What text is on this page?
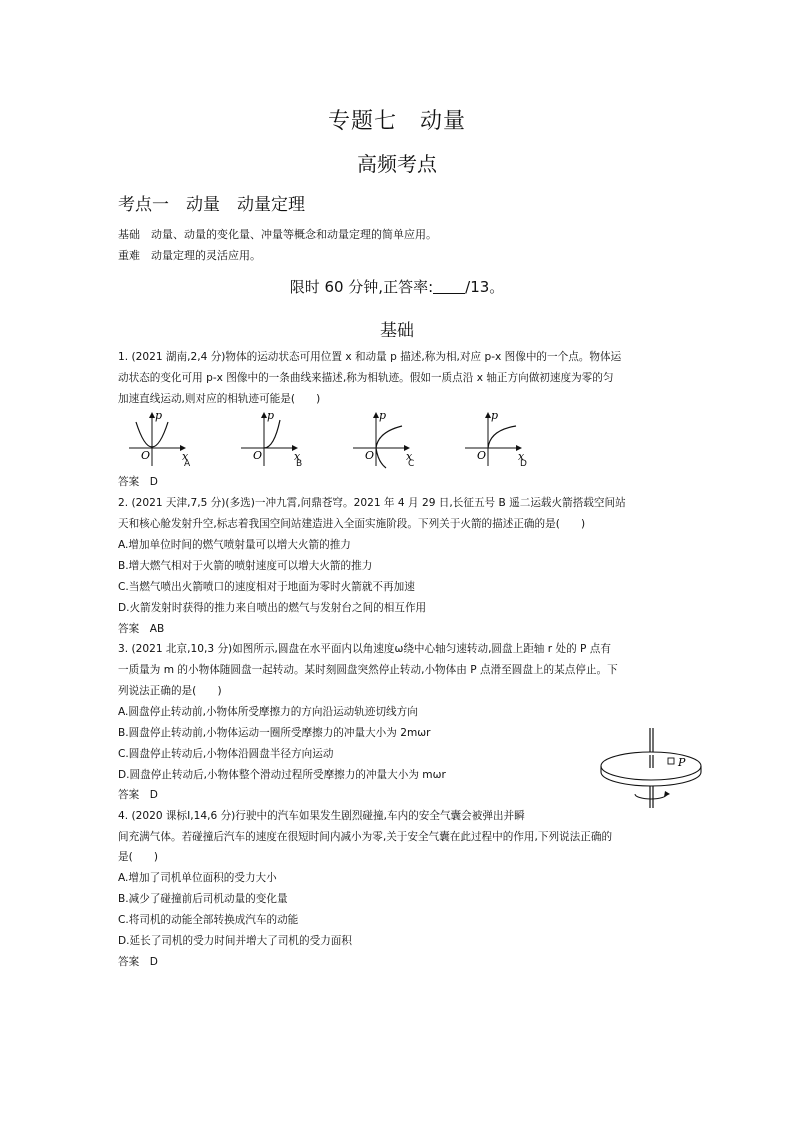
专题七　动量
高频考点
考点一　动量　动量定理
基础　动量、动量的变化量、冲量等概念和动量定理的简单应用。
重难　动量定理的灵活应用。
限时 60 分钟,正答率: /13。
基础
1. (2021 湖南,2,4 分)物体的运动状态可用位置 x 和动量 p 描述,称为相,对应 p-x 图像中的一个点。物体运
动状态的变化可用 p-x 图像中的一条曲线来描述,称为相轨迹。假如一质点沿 x 轴正方向做初速度为零的匀
加速直线运动,则对应的相轨迹可能是(　　)
p
x
O
A
p
x
O
B
p
x
O
C
p
x
O
D
答案　D
2. (2021 天津,7,5 分)(多选)一冲九霄,问鼎苍穹。2021 年 4 月 29 日,长征五号 B 遥二运载火箭搭载空间站
天和核心舱发射升空,标志着我国空间站建造进入全面实施阶段。下列关于火箭的描述正确的是(　　)
A.增加单位时间的燃气喷射量可以增大火箭的推力
B.增大燃气相对于火箭的喷射速度可以增大火箭的推力
C.当燃气喷出火箭喷口的速度相对于地面为零时火箭就不再加速
D.火箭发射时获得的推力来自喷出的燃气与发射台之间的相互作用
答案　AB
3. (2021 北京,10,3 分)如图所示,圆盘在水平面内以角速度ω绕中心轴匀速转动,圆盘上距轴 r 处的 P 点有
一质量为 m 的小物体随圆盘一起转动。某时刻圆盘突然停止转动,小物体由 P 点滑至圆盘上的某点停止。下
列说法正确的是(　　)
A.圆盘停止转动前,小物体所受摩擦力的方向沿运动轨迹切线方向
B.圆盘停止转动前,小物体运动一圈所受摩擦力的冲量大小为 2mωr
C.圆盘停止转动后,小物体沿圆盘半径方向运动
D.圆盘停止转动后,小物体整个滑动过程所受摩擦力的冲量大小为 mωr
答案　D
P
4. (2020 课标Ⅰ,14,6 分)行驶中的汽车如果发生剧烈碰撞,车内的安全气囊会被弹出并瞬
间充满气体。若碰撞后汽车的速度在很短时间内减小为零,关于安全气囊在此过程中的作用,下列说法正确的
是(　　)
A.增加了司机单位面积的受力大小
B.减少了碰撞前后司机动量的变化量
C.将司机的动能全部转换成汽车的动能
D.延长了司机的受力时间并增大了司机的受力面积
答案　D
